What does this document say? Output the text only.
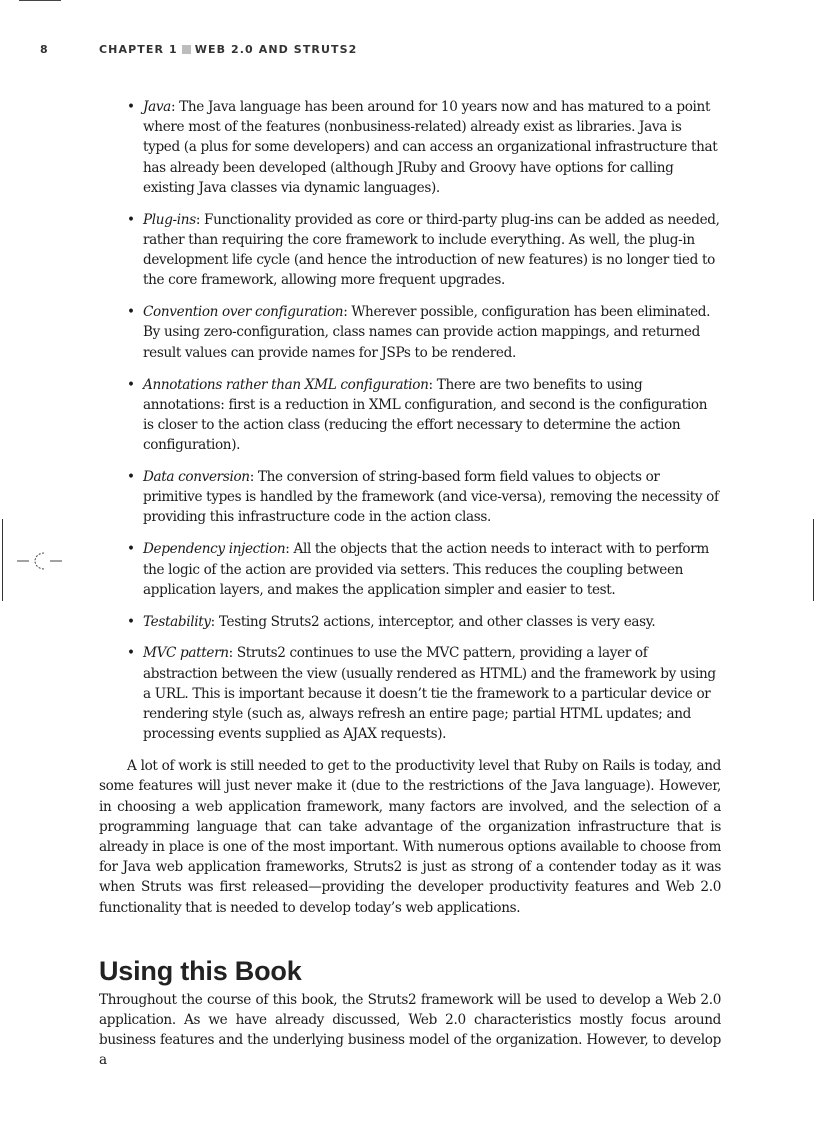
8	CHAPTER 1 WEB 2.0 AND STRUTS2
• Java: The Java language has been around for 10 years now and has matured to a point where most of the features (nonbusiness-related) already exist as libraries. Java is typed (a plus for some developers) and can access an organizational infrastructure that has already been developed (although JRuby and Groovy have options for calling existing Java classes via dynamic languages).
• Plug-ins: Functionality provided as core or third-party plug-ins can be added as needed, rather than requiring the core framework to include everything. As well, the plug-in development life cycle (and hence the introduction of new features) is no longer tied to the core framework, allowing more frequent upgrades.
• Convention over configuration: Wherever possible, configuration has been eliminated. By using zero-configuration, class names can provide action mappings, and returned result values can provide names for JSPs to be rendered.
• Annotations rather than XML configuration: There are two benefits to using annotations: first is a reduction in XML configuration, and second is the configuration is closer to the action class (reducing the effort necessary to determine the action configuration).
• Data conversion: The conversion of string-based form field values to objects or primitive types is handled by the framework (and vice-versa), removing the necessity of providing this infrastructure code in the action class.
• Dependency injection: All the objects that the action needs to interact with to perform the logic of the action are provided via setters. This reduces the coupling between application layers, and makes the application simpler and easier to test.
• Testability: Testing Struts2 actions, interceptor, and other classes is very easy.
• MVC pattern: Struts2 continues to use the MVC pattern, providing a layer of abstraction between the view (usually rendered as HTML) and the framework by using a URL. This is important because it doesn’t tie the framework to a particular device or rendering style (such as, always refresh an entire page; partial HTML updates; and processing events supplied as AJAX requests).

A lot of work is still needed to get to the productivity level that Ruby on Rails is today, and some features will just never make it (due to the restrictions of the Java language). However, in choosing a web application framework, many factors are involved, and the selection of a programming language that can take advantage of the organization infrastructure that is already in place is one of the most important. With numerous options available to choose from for Java web application frameworks, Struts2 is just as strong of a contender today as it was when Struts was first released—providing the developer productivity features and Web 2.0 functionality that is needed to develop today’s web applications.

Using this Book

Throughout the course of this book, the Struts2 framework will be used to develop a Web 2.0 application. As we have already discussed, Web 2.0 characteristics mostly focus around business features and the underlying business model of the organization. However, to develop a
